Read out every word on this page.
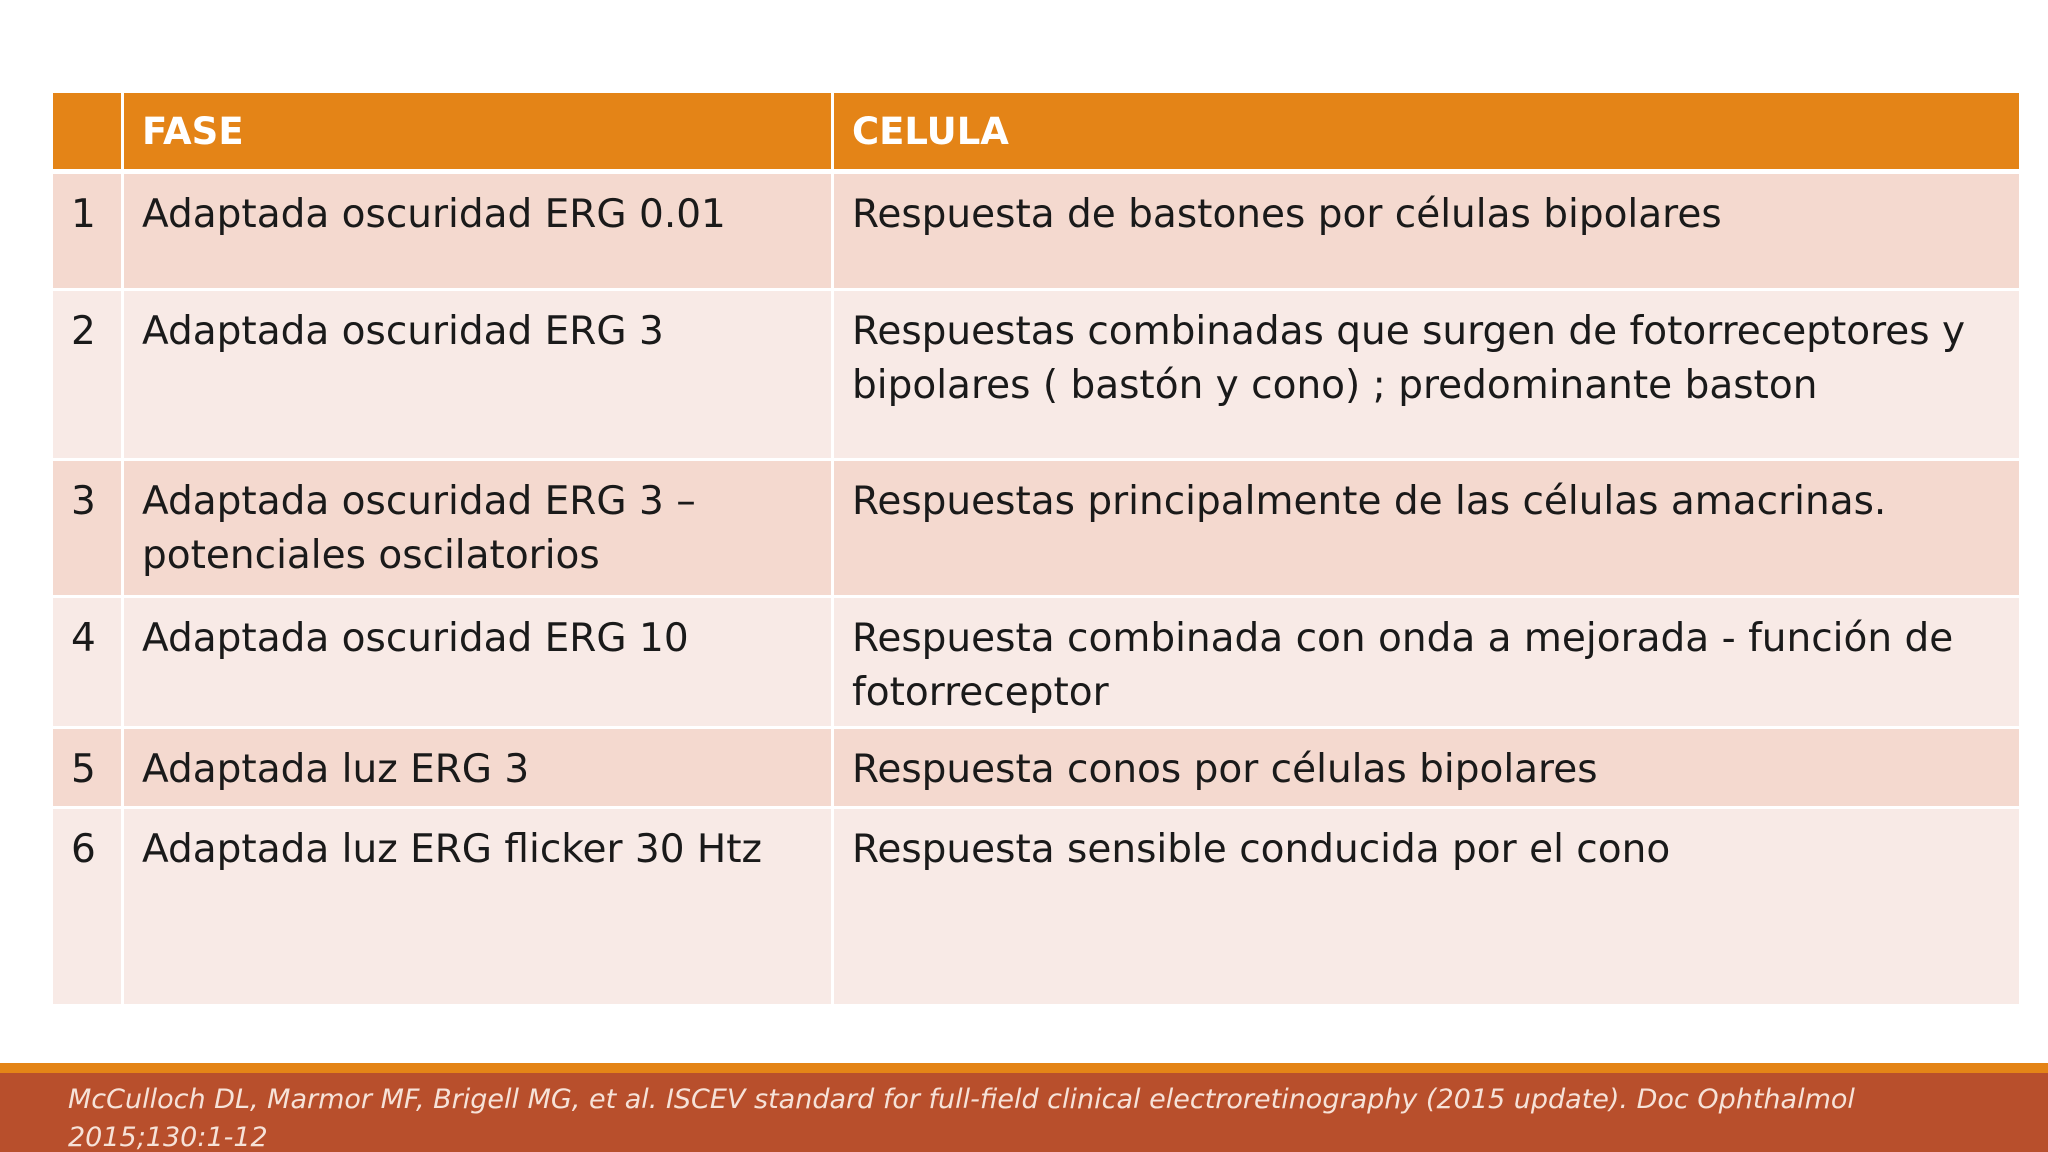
	FASE	CELULA
1	Adaptada oscuridad ERG 0.01	Respuesta de bastones por células bipolares
2	Adaptada oscuridad ERG 3	Respuestas combinadas que surgen de fotorreceptores y bipolares ( bastón y cono) ; predominante baston
3	Adaptada oscuridad ERG 3 – potenciales oscilatorios	Respuestas principalmente de las células amacrinas.
4	Adaptada oscuridad ERG 10	Respuesta combinada con onda a mejorada - función de fotorreceptor
5	Adaptada luz ERG 3	Respuesta conos por células bipolares
6	Adaptada luz ERG flicker 30 Htz	Respuesta sensible conducida por el cono
McCulloch DL, Marmor MF, Brigell MG, et al. ISCEV standard for full-field clinical electroretinography (2015 update). Doc Ophthalmol 2015;130:1-12
